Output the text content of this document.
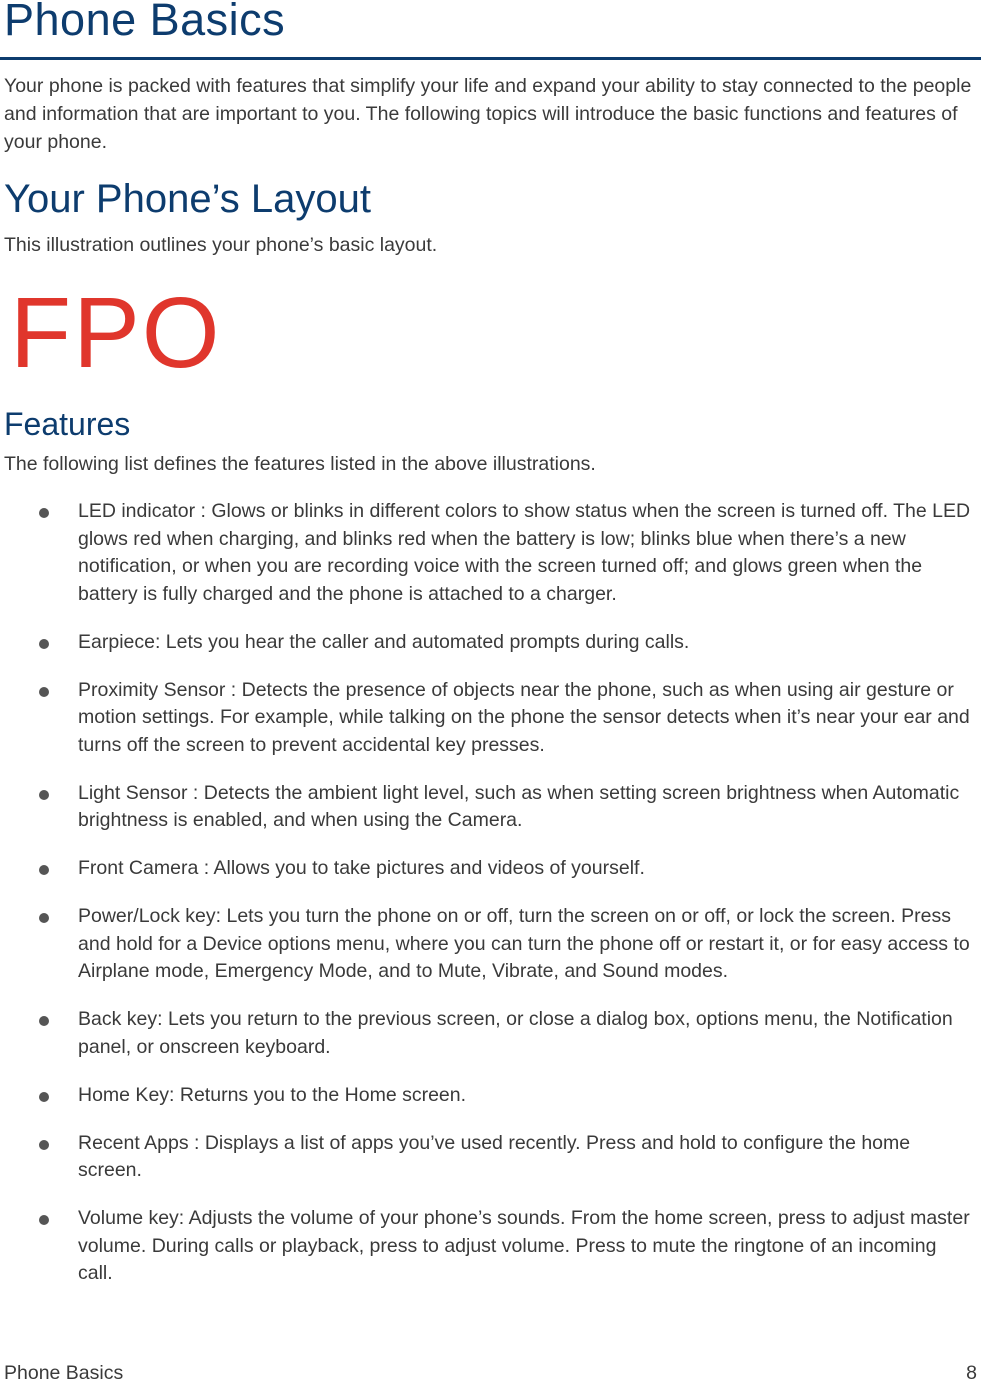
Phone Basics

Your phone is packed with features that simplify your life and expand your ability to stay connected to the people and information that are important to you. The following topics will introduce the basic functions and features of your phone.

Your Phone’s Layout

This illustration outlines your phone’s basic layout.

FPO
Features

The following list defines the features listed in the above illustrations.

LED indicator : Glows or blinks in different colors to show status when the screen is turned off. The LED glows red when charging, and blinks red when the battery is low; blinks blue when there’s a new notification, or when you are recording voice with the screen turned off; and glows green when the battery is fully charged and the phone is attached to a charger.
Earpiece: Lets you hear the caller and automated prompts during calls.
Proximity Sensor : Detects the presence of objects near the phone, such as when using air gesture or motion settings. For example, while talking on the phone the sensor detects when it’s near your ear and turns off the screen to prevent accidental key presses.
Light Sensor : Detects the ambient light level, such as when setting screen brightness when Automatic brightness is enabled, and when using the Camera.
Front Camera : Allows you to take pictures and videos of yourself.
Power/Lock key: Lets you turn the phone on or off, turn the screen on or off, or lock the screen. Press and hold for a Device options menu, where you can turn the phone off or restart it, or for easy access to Airplane mode, Emergency Mode, and to Mute, Vibrate, and Sound modes.
Back key: Lets you return to the previous screen, or close a dialog box, options menu, the Notification panel, or onscreen keyboard.
Home Key: Returns you to the Home screen.
Recent Apps : Displays a list of apps you’ve used recently. Press and hold to configure the home screen.
Volume key: Adjusts the volume of your phone’s sounds. From the home screen, press to adjust master volume. During calls or playback, press to adjust volume. Press to mute the ringtone of an incoming call.
Phone Basics	8
